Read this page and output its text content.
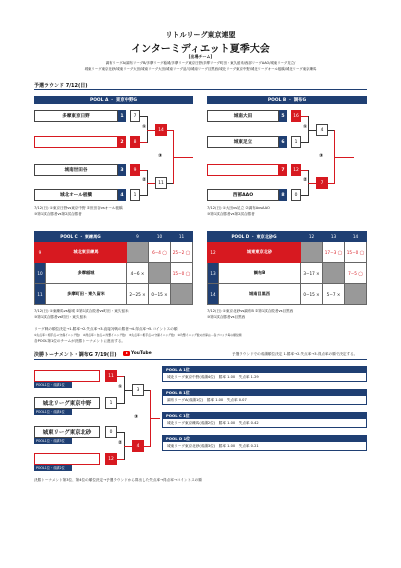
リトルリーグ東京連盟
インターミディエット夏季大会
[出場チーム]
調布リーグA/調布リーグB/多摩リーグ稲城/多摩リーグ東京日野/多摩リーグ町田・東久留米/西部リーグAAO/城東リーグ足立/
城東リーグ東京北砂/城東リーグ大田/城南リーグ大田/城南リーグ品川/城南リーグ目黒西/城北リーグ東京中野/城北リーグオール板橋/城北リーグ東京練馬
予選ラウンド 7/12(日)
POOL A ・ 東京中野G
多摩東京日野	1
城北東京中野	2
城南世田谷	3
城北オール板橋	4
7
8
9
1
①
②
14
11
③
7/12(日) ①東京日野vs東京中野 ②世田谷vsオール板橋
③第1試合勝者vs第2試合勝者
POOL B ・ 調布G
城南大田	5
城東足立	6
調布A	7
西部AAO	8
16
1
12
0
①
②
4
7
③
7/12(日) ①大田vs足立 ②調布AvsAAO
③第1試合勝者vs第2試合勝者
POOL C ・ 東練馬G		9	10	11
9	城北東京練馬		6−4 ◯	25−2 ◯
10	多摩稲城	4−6 ×		15−0 ◯
11	多摩町田・東久留米	2−25 ×	0−15 ×	
7/12(日) ①東練馬vs稲城 ②第1試合敗者vs町田・東久留米
③第1試合勝者vs町田・東久留米
POOL D ・ 東京北砂G		12	13	14
12	城東東京北砂		17−3 ◯	15−0 ◯
13	調布B	3−17 ×		7−5 ◯
14	城南目黒西	0−15 ×	5−7 ×	
7/12(日) ①東京北砂vs調布B ②第1試合敗者vs目黒西
③第1試合勝者vs目黒西
リーグ戦の順位決定→1.勝率→2.失点率→3.直接対戦の勝者→4.得点率→5.コイントスの順
①失点率＝相手点÷(守備イニング数)　②得点率＝自点÷(攻撃イニング数)　③失点率＝相手点÷(守備イニング数)　④攻撃イニング数の計算は…各ブロック毎の順位順
各POOL第1位のチームが決勝トーナメントに進出する。
決勝トーナメント・調布G 7/19(日)	YouTube	予選ラウンドでの成績順位決定 1.勝率→2.失点率→3.得点率の順で決定する。
調布リーグA
POOL1位・成績1位
城北リーグ東京中野
POOL1位・成績4位
城東リーグ東京北砂
POOL1位・成績3位
城北リーグ東京練馬
POOL1位・成績2位
11
1
0
12
①
②
3
4
③
POOL A 1位
城北リーグ東京中野(成績4位)　勝率 1.00　失点率 1.29
POOL B 1位
調布リーグA(成績1位)　勝率 1.00　失点率 0.07
POOL C 1位
城北リーグ東京練馬(成績2位)　勝率 1.00　失点率 0.42
POOL D 1位
城東リーグ東京北砂(成績3位)　勝率 1.00　失点率 0.21
決勝トーナメント第3位、第4位の順位決定→予選ラウンドから算出した失点率→得点率→コイントスの順
